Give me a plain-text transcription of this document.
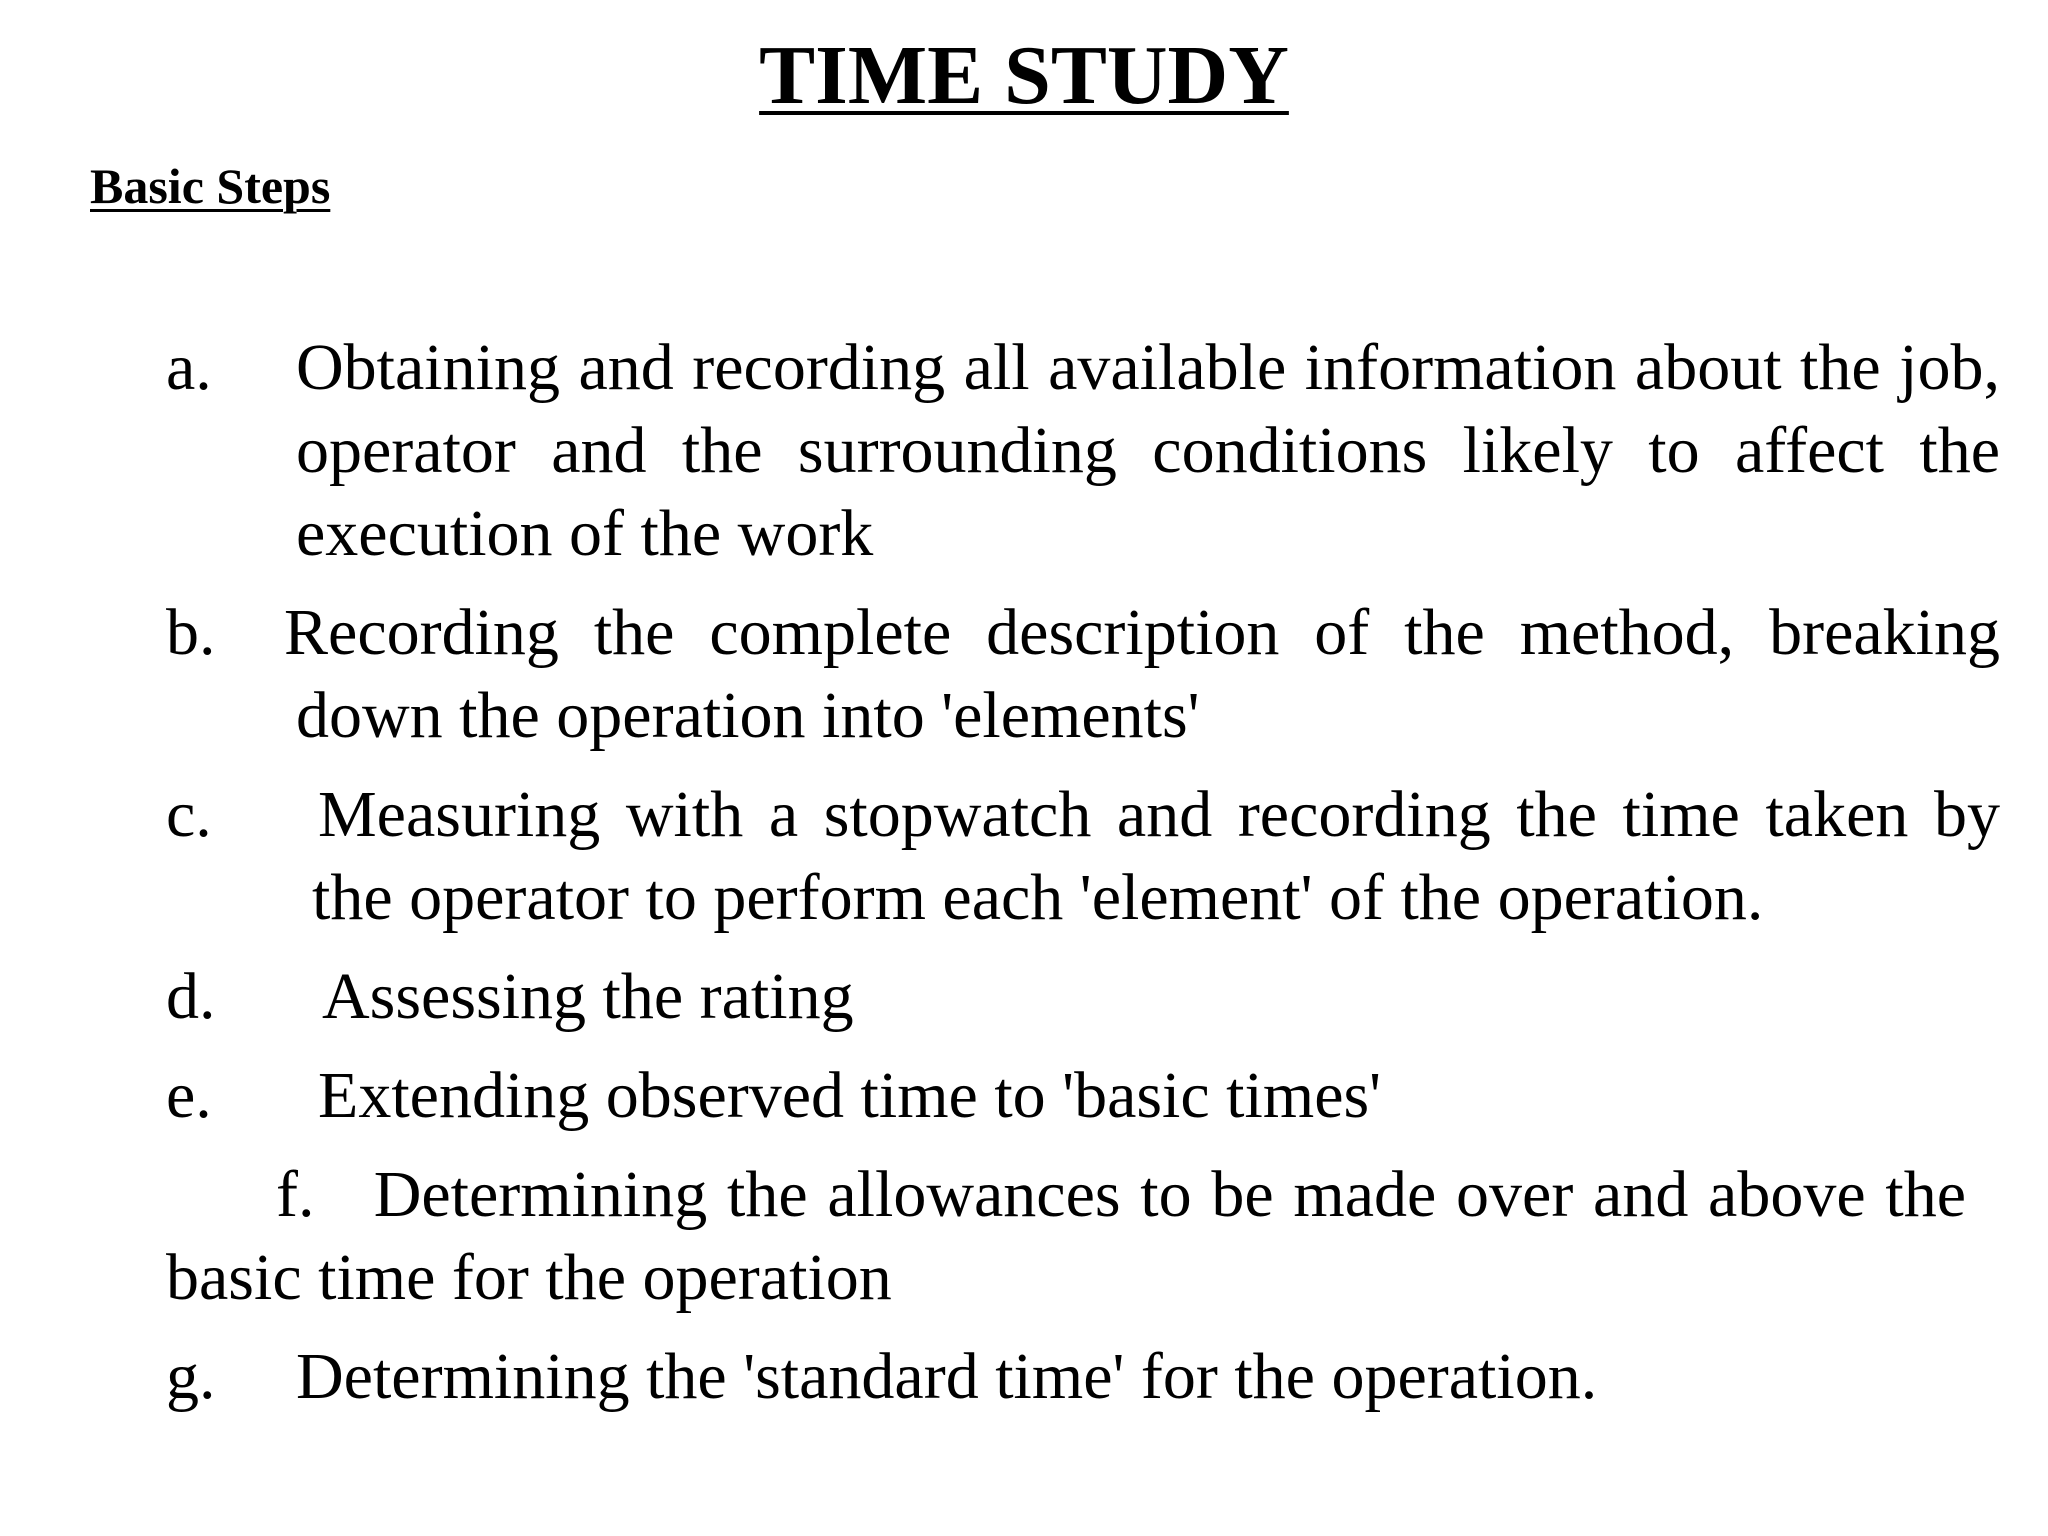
TIME STUDY
Basic Steps
a.	Obtaining and recording all available information about the job, operator and the surrounding conditions likely to affect the execution of the work
b.	Recording the complete description of the method, breaking down the operation into 'elements'
c.	Measuring with a stopwatch and recording the time taken by the operator to perform each 'element' of the operation.
d.	Assessing the rating
e.	Extending observed time to 'basic times'
f. Determining the allowances to be made over and above the basic time for the operation
g.	Determining the 'standard time' for the operation.
